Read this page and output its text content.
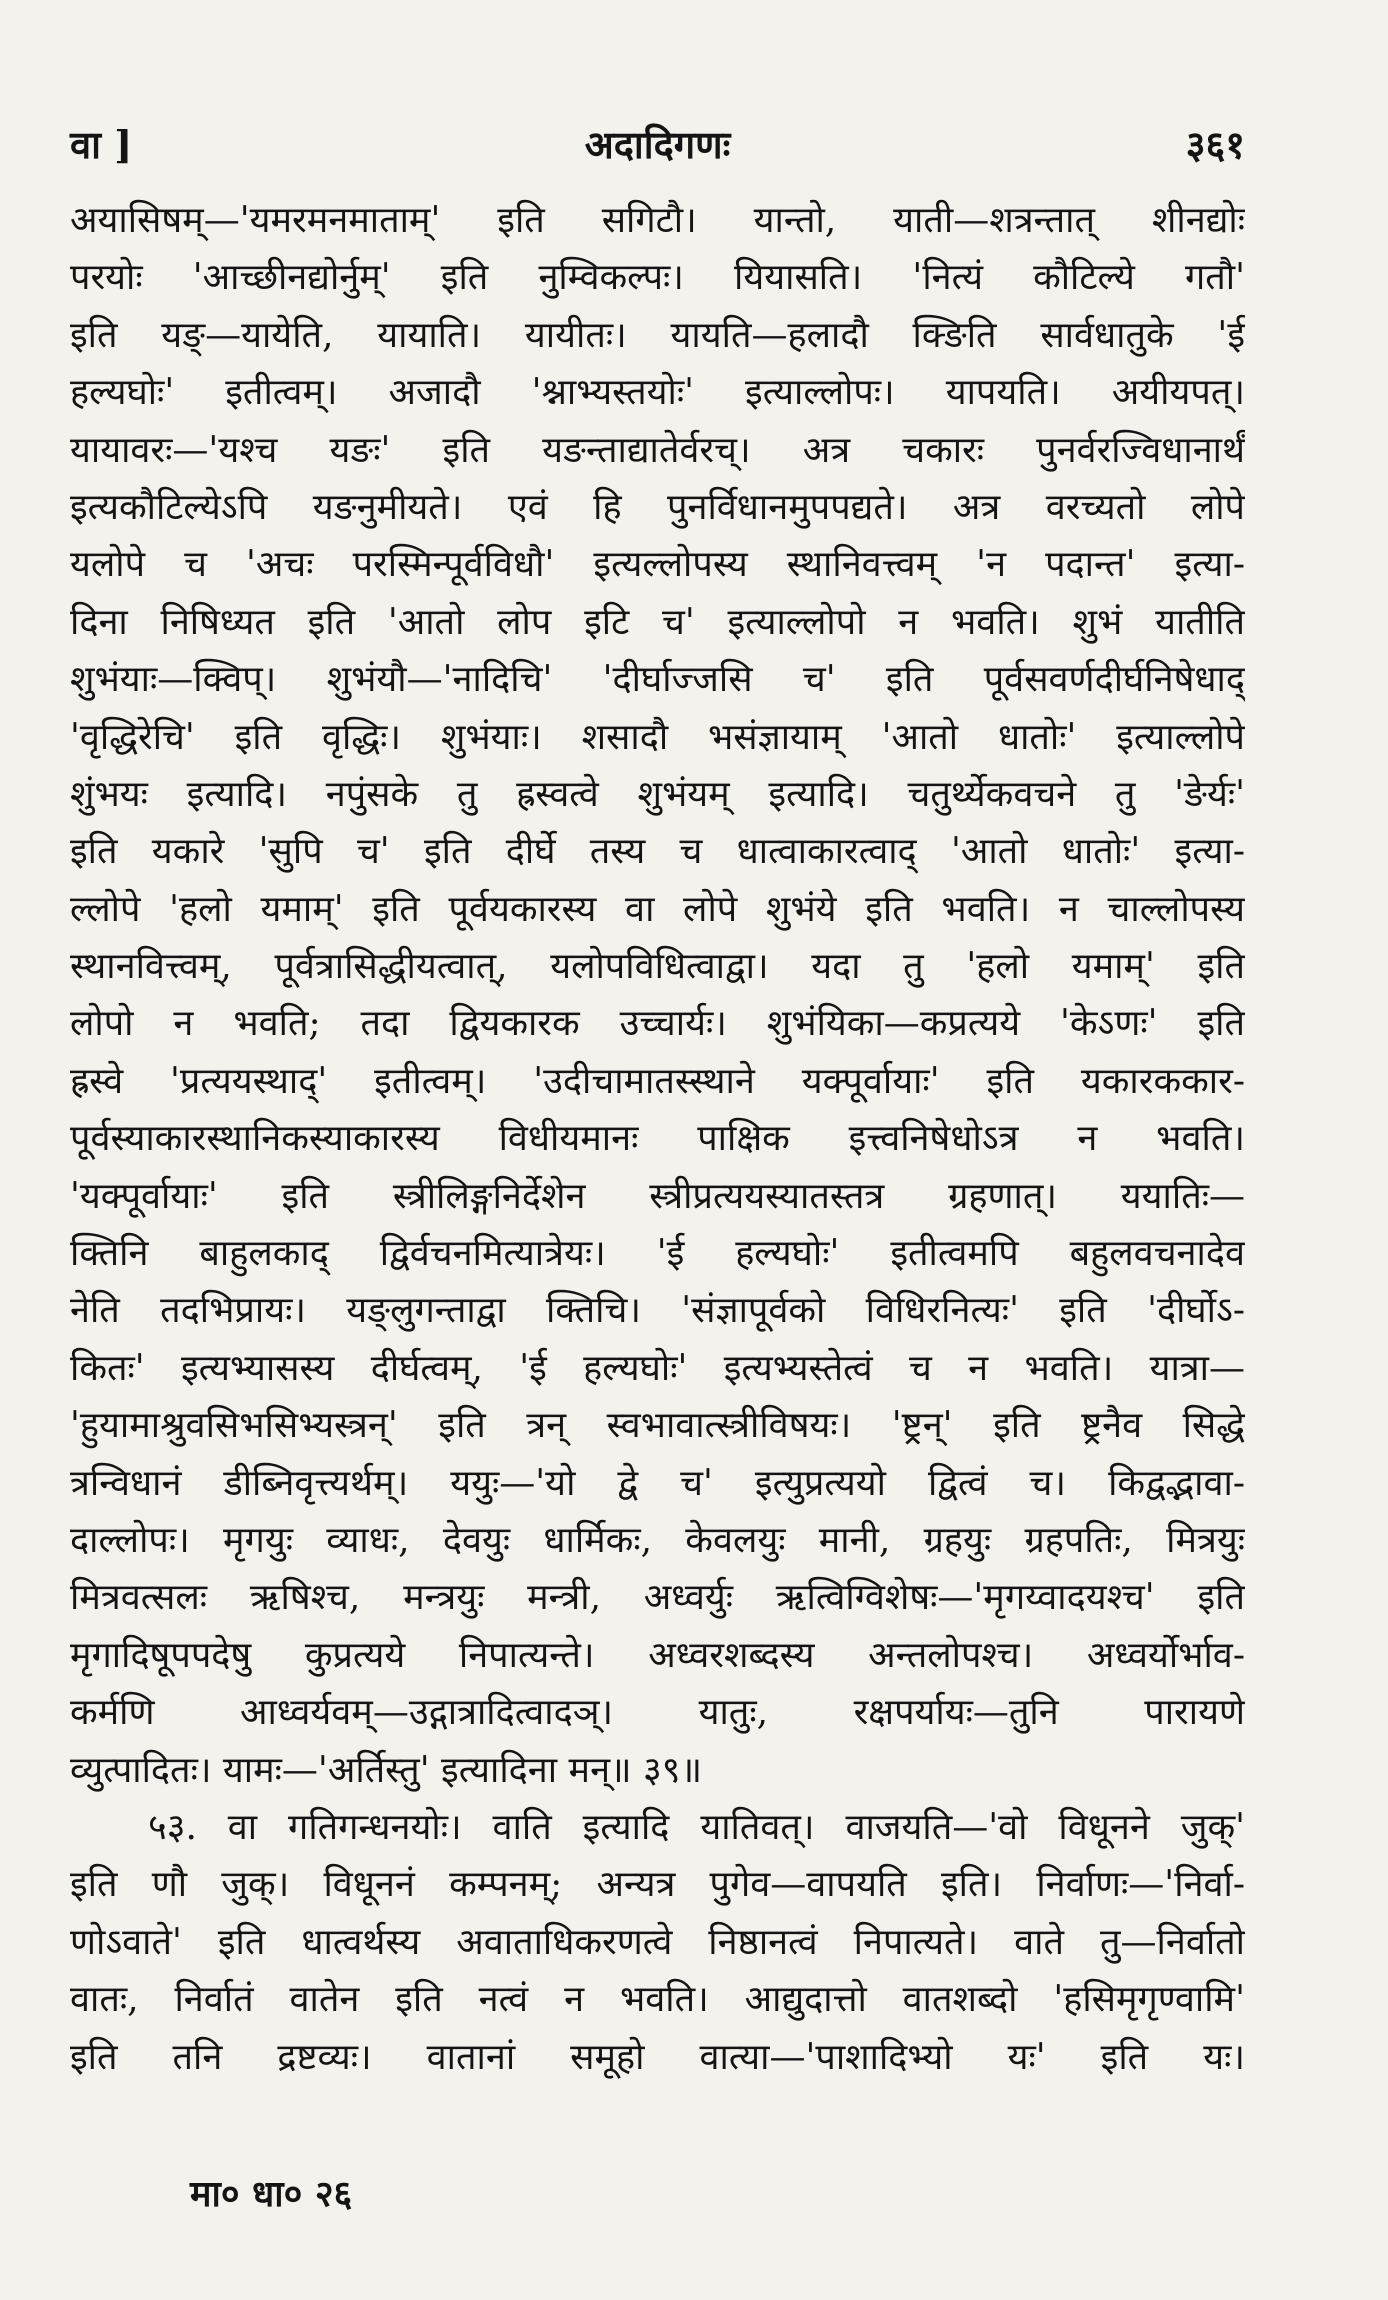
वा ]	अदादिगणः	३६१
अयासिषम्—'यमरमनमाताम्' इति सगिटौ। यान्तो, याती—शत्रन्तात् शीनद्योः
परयोः 'आच्छीनद्योर्नुम्' इति नुम्विकल्पः। यियासति। 'नित्यं कौटिल्ये गतौ'
इति यङ्—यायेति, यायाति। यायीतः। यायति—हलादौ क्ङिति सार्वधातुके 'ई
हल्यघोः' इतीत्वम्। अजादौ 'श्नाभ्यस्तयोः' इत्याल्लोपः। यापयति। अयीयपत्।
यायावरः—'यश्च यङः' इति यङन्ताद्यातेर्वरच्। अत्र चकारः पुनर्वरज्विधानार्थं
इत्यकौटिल्येऽपि यङनुमीयते। एवं हि पुनर्विधानमुपपद्यते। अत्र वरच्यतो लोपे
यलोपे च 'अचः परस्मिन्पूर्वविधौ' इत्यल्लोपस्य स्थानिवत्त्वम् 'न पदान्त' इत्या-
दिना निषिध्यत इति 'आतो लोप इटि च' इत्याल्लोपो न भवति। शुभं यातीति
शुभंयाः—क्विप्। शुभंयौ—'नादिचि' 'दीर्घाज्जसि च' इति पूर्वसवर्णदीर्घनिषेधाद्
'वृद्धिरेचि' इति वृद्धिः। शुभंयाः। शसादौ भसंज्ञायाम् 'आतो धातोः' इत्याल्लोपे
शुंभयः इत्यादि। नपुंसके तु ह्रस्वत्वे शुभंयम् इत्यादि। चतुर्थ्येकवचने तु 'ङेर्यः'
इति यकारे 'सुपि च' इति दीर्घे तस्य च धात्वाकारत्वाद् 'आतो धातोः' इत्या-
ल्लोपे 'हलो यमाम्' इति पूर्वयकारस्य वा लोपे शुभंये इति भवति। न चाल्लोपस्य
स्थानवित्त्वम्, पूर्वत्रासिद्धीयत्वात्, यलोपविधित्वाद्वा। यदा तु 'हलो यमाम्' इति
लोपो न भवति; तदा द्वियकारक उच्चार्यः। शुभंयिका—कप्रत्यये 'केऽणः' इति
ह्रस्वे 'प्रत्ययस्थाद्' इतीत्वम्। 'उदीचामातस्स्थाने यक्पूर्वायाः' इति यकारककार-
पूर्वस्याकारस्थानिकस्याकारस्य विधीयमानः पाक्षिक इत्त्वनिषेधोऽत्र न भवति।
'यक्पूर्वायाः' इति स्त्रीलिङ्गनिर्देशेन स्त्रीप्रत्ययस्यातस्तत्र ग्रहणात्। ययातिः—
क्तिनि बाहुलकाद् द्विर्वचनमित्यात्रेयः। 'ई हल्यघोः' इतीत्वमपि बहुलवचनादेव
नेति तदभिप्रायः। यङ्लुगन्ताद्वा क्तिचि। 'संज्ञापूर्वको विधिरनित्यः' इति 'दीर्घोऽ-
कितः' इत्यभ्यासस्य दीर्घत्वम्, 'ई हल्यघोः' इत्यभ्यस्तेत्वं च न भवति। यात्रा—
'हुयामाश्रुवसिभसिभ्यस्त्रन्' इति त्रन् स्वभावात्स्त्रीविषयः। 'ष्ट्रन्' इति ष्ट्रनैव सिद्धे
त्रन्विधानं डीब्निवृत्त्यर्थम्। ययुः—'यो द्वे च' इत्युप्रत्ययो द्वित्वं च। किद्वद्भावा-
दाल्लोपः। मृगयुः व्याधः, देवयुः धार्मिकः, केवलयुः मानी, ग्रहयुः ग्रहपतिः, मित्रयुः
मित्रवत्सलः ऋषिश्च, मन्त्रयुः मन्त्री, अध्वर्युः ऋत्विग्विशेषः—'मृगय्वादयश्च' इति
मृगादिषूपपदेषु कुप्रत्यये निपात्यन्ते। अध्वरशब्दस्य अन्तलोपश्च। अध्वर्योर्भाव-
कर्मणि आध्वर्यवम्—उद्गात्रादित्वादञ्। यातुः, रक्षपर्यायः—तुनि पारायणे
व्युत्पादितः। यामः—'अर्तिस्तु' इत्यादिना मन्॥ ३९॥
५३. वा गतिगन्धनयोः। वाति इत्यादि यातिवत्। वाजयति—'वो विधूनने जुक्'
इति णौ जुक्। विधूननं कम्पनम्; अन्यत्र पुगेव—वापयति इति। निर्वाणः—'निर्वा-
णोऽवाते' इति धात्वर्थस्य अवाताधिकरणत्वे निष्ठानत्वं निपात्यते। वाते तु—निर्वातो
वातः, निर्वातं वातेन इति नत्वं न भवति। आद्युदात्तो वातशब्दो 'हसिमृगृण्वामि'
इति तनि द्रष्टव्यः। वातानां समूहो वात्या—'पाशादिभ्यो यः' इति यः।
मा० धा० २६
